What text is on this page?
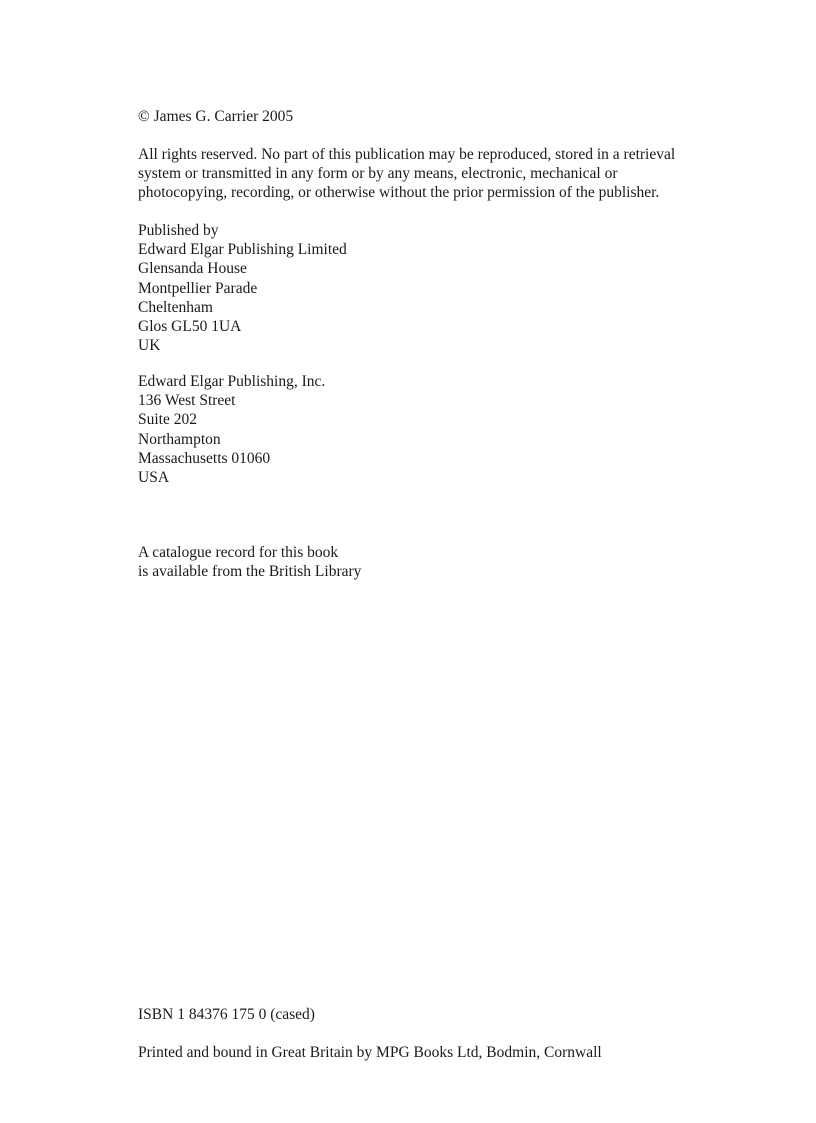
© James G. Carrier 2005
All rights reserved. No part of this publication may be reproduced, stored in a retrieval
system or transmitted in any form or by any means, electronic, mechanical or
photocopying, recording, or otherwise without the prior permission of the publisher.
Published by
Edward Elgar Publishing Limited
Glensanda House
Montpellier Parade
Cheltenham
Glos GL50 1UA
UK
Edward Elgar Publishing, Inc.
136 West Street
Suite 202
Northampton
Massachusetts 01060
USA
A catalogue record for this book
is available from the British Library
ISBN 1 84376 175 0 (cased)
Printed and bound in Great Britain by MPG Books Ltd, Bodmin, Cornwall
